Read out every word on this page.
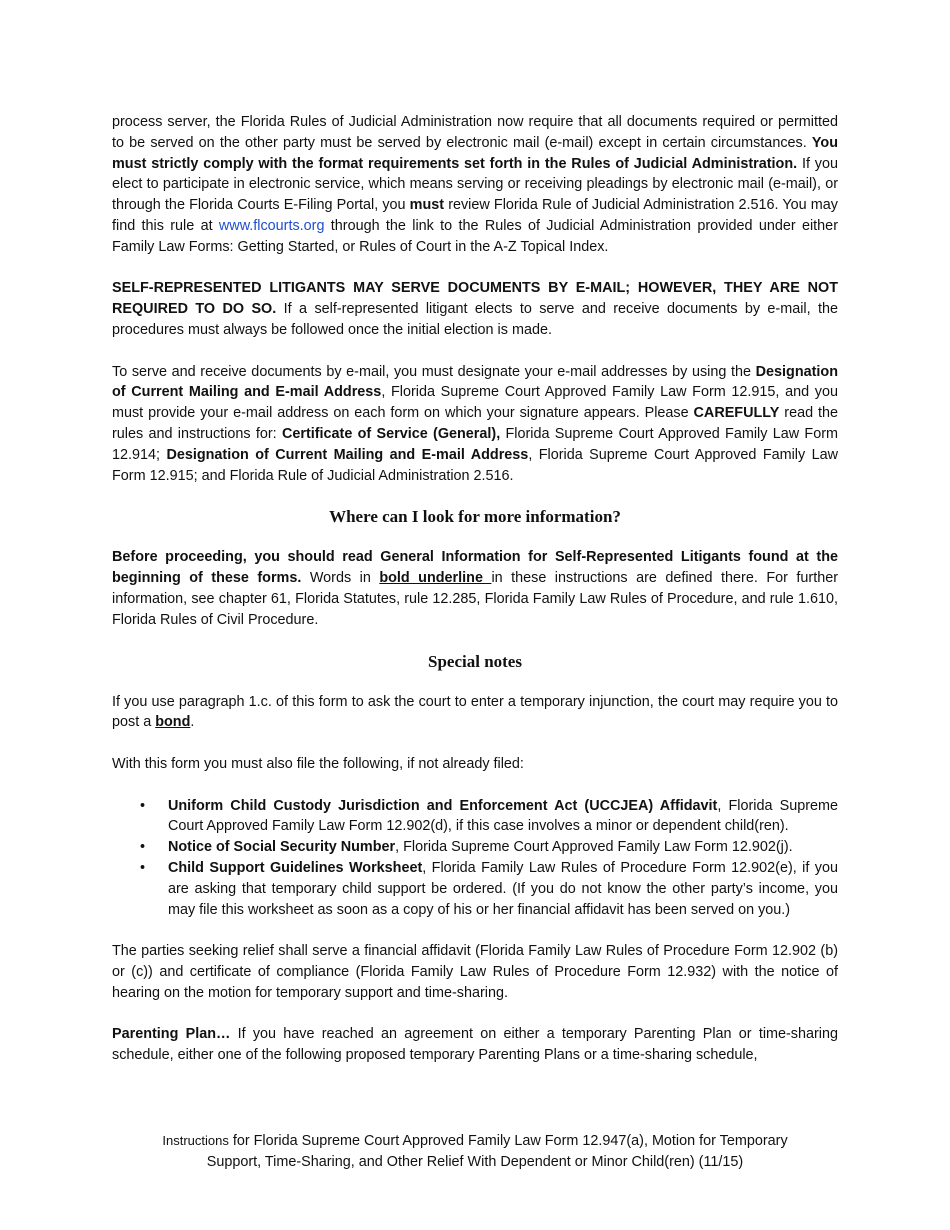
process server, the Florida Rules of Judicial Administration now require that all documents required or permitted to be served on the other party must be served by electronic mail (e-mail) except in certain circumstances. You must strictly comply with the format requirements set forth in the Rules of Judicial Administration. If you elect to participate in electronic service, which means serving or receiving pleadings by electronic mail (e-mail), or through the Florida Courts E-Filing Portal, you must review Florida Rule of Judicial Administration 2.516. You may find this rule at www.flcourts.org through the link to the Rules of Judicial Administration provided under either Family Law Forms: Getting Started, or Rules of Court in the A-Z Topical Index.

SELF-REPRESENTED LITIGANTS MAY SERVE DOCUMENTS BY E-MAIL; HOWEVER, THEY ARE NOT REQUIRED TO DO SO. If a self-represented litigant elects to serve and receive documents by e-mail, the procedures must always be followed once the initial election is made.

To serve and receive documents by e-mail, you must designate your e-mail addresses by using the Designation of Current Mailing and E-mail Address, Florida Supreme Court Approved Family Law Form 12.915, and you must provide your e-mail address on each form on which your signature appears. Please CAREFULLY read the rules and instructions for: Certificate of Service (General), Florida Supreme Court Approved Family Law Form 12.914; Designation of Current Mailing and E-mail Address, Florida Supreme Court Approved Family Law Form 12.915; and Florida Rule of Judicial Administration 2.516.

Where can I look for more information?

Before proceeding, you should read General Information for Self-Represented Litigants found at the beginning of these forms. Words in bold underline in these instructions are defined there. For further information, see chapter 61, Florida Statutes, rule 12.285, Florida Family Law Rules of Procedure, and rule 1.610, Florida Rules of Civil Procedure.

Special notes

If you use paragraph 1.c. of this form to ask the court to enter a temporary injunction, the court may require you to post a bond.

With this form you must also file the following, if not already filed:

• Uniform Child Custody Jurisdiction and Enforcement Act (UCCJEA) Affidavit, Florida Supreme Court Approved Family Law Form 12.902(d), if this case involves a minor or dependent child(ren).
• Notice of Social Security Number, Florida Supreme Court Approved Family Law Form 12.902(j).
• Child Support Guidelines Worksheet, Florida Family Law Rules of Procedure Form 12.902(e), if you are asking that temporary child support be ordered. (If you do not know the other party’s income, you may file this worksheet as soon as a copy of his or her financial affidavit has been served on you.)

The parties seeking relief shall serve a financial affidavit (Florida Family Law Rules of Procedure Form 12.902 (b) or (c)) and certificate of compliance (Florida Family Law Rules of Procedure Form 12.932) with the notice of hearing on the motion for temporary support and time-sharing.

Parenting Plan… If you have reached an agreement on either a temporary Parenting Plan or time-sharing schedule, either one of the following proposed temporary Parenting Plans or a time-sharing schedule,

Instructions for Florida Supreme Court Approved Family Law Form 12.947(a), Motion for Temporary
Support, Time-Sharing, and Other Relief With Dependent or Minor Child(ren) (11/15)
